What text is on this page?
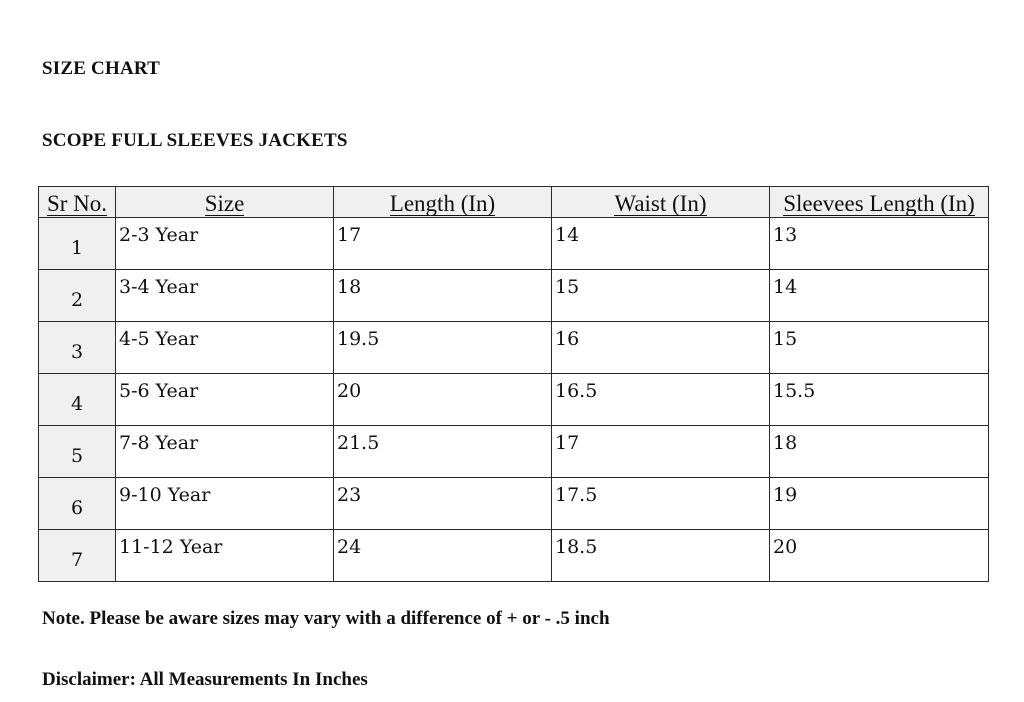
SIZE CHART

SCOPE FULL SLEEVES JACKETS

Sr No.	Size	Length (In)	Waist (In)	Sleevees Length (In)
1	2-3 Year	17	14	13
2	3-4 Year	18	15	14
3	4-5 Year	19.5	16	15
4	5-6 Year	20	16.5	15.5
5	7-8 Year	21.5	17	18
6	9-10 Year	23	17.5	19
7	11-12 Year	24	18.5	20

Note. Please be aware sizes may vary with a difference of + or - .5 inch

Disclaimer: All Measurements In Inches
